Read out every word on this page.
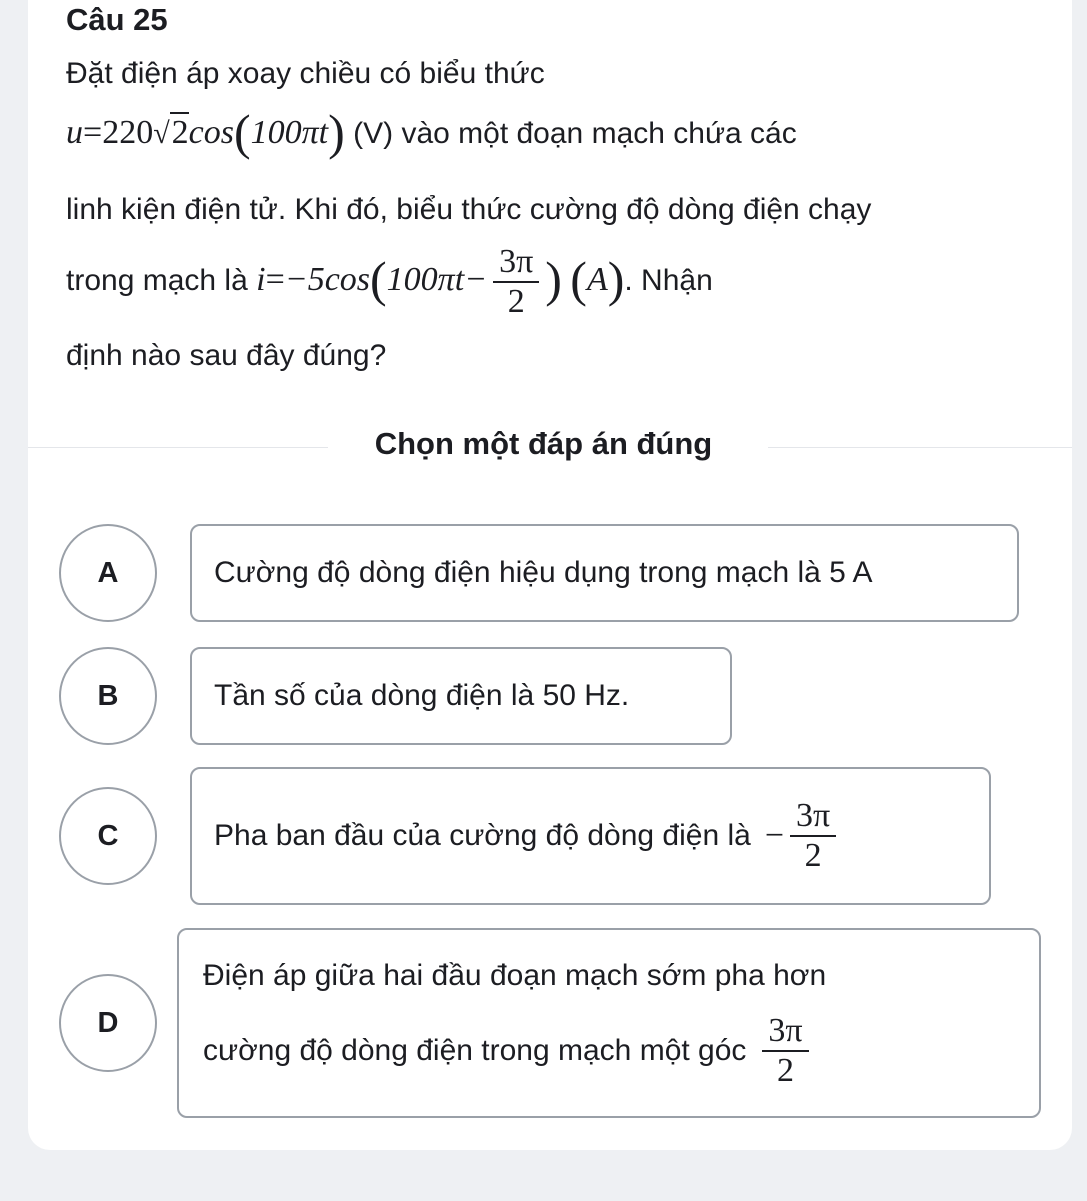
Câu 25
Đặt điện áp xoay chiều có biểu thức
u=220√2cos(100πt) (V) vào một đoạn mạch chứa các
linh kiện điện tử. Khi đó, biểu thức cường độ dòng điện chạy
trong mạch là $i=-5\cos(100\pi t- \frac{3\pi}{2}$ ) (A). Nhận
định nào sau đây đúng?
Chọn một đáp án đúng
A	Cường độ dòng điện hiệu dụng trong mạch là 5 A
B	Tần số của dòng điện là 50 Hz.
C	Pha ban đầu của cường độ dòng điện là − $\frac{3\pi}{2}$
D
Điện áp giữa hai đầu đoạn mạch sớm pha hơn
cường độ dòng điện trong mạch một góc $\frac{3\pi}{2}$
